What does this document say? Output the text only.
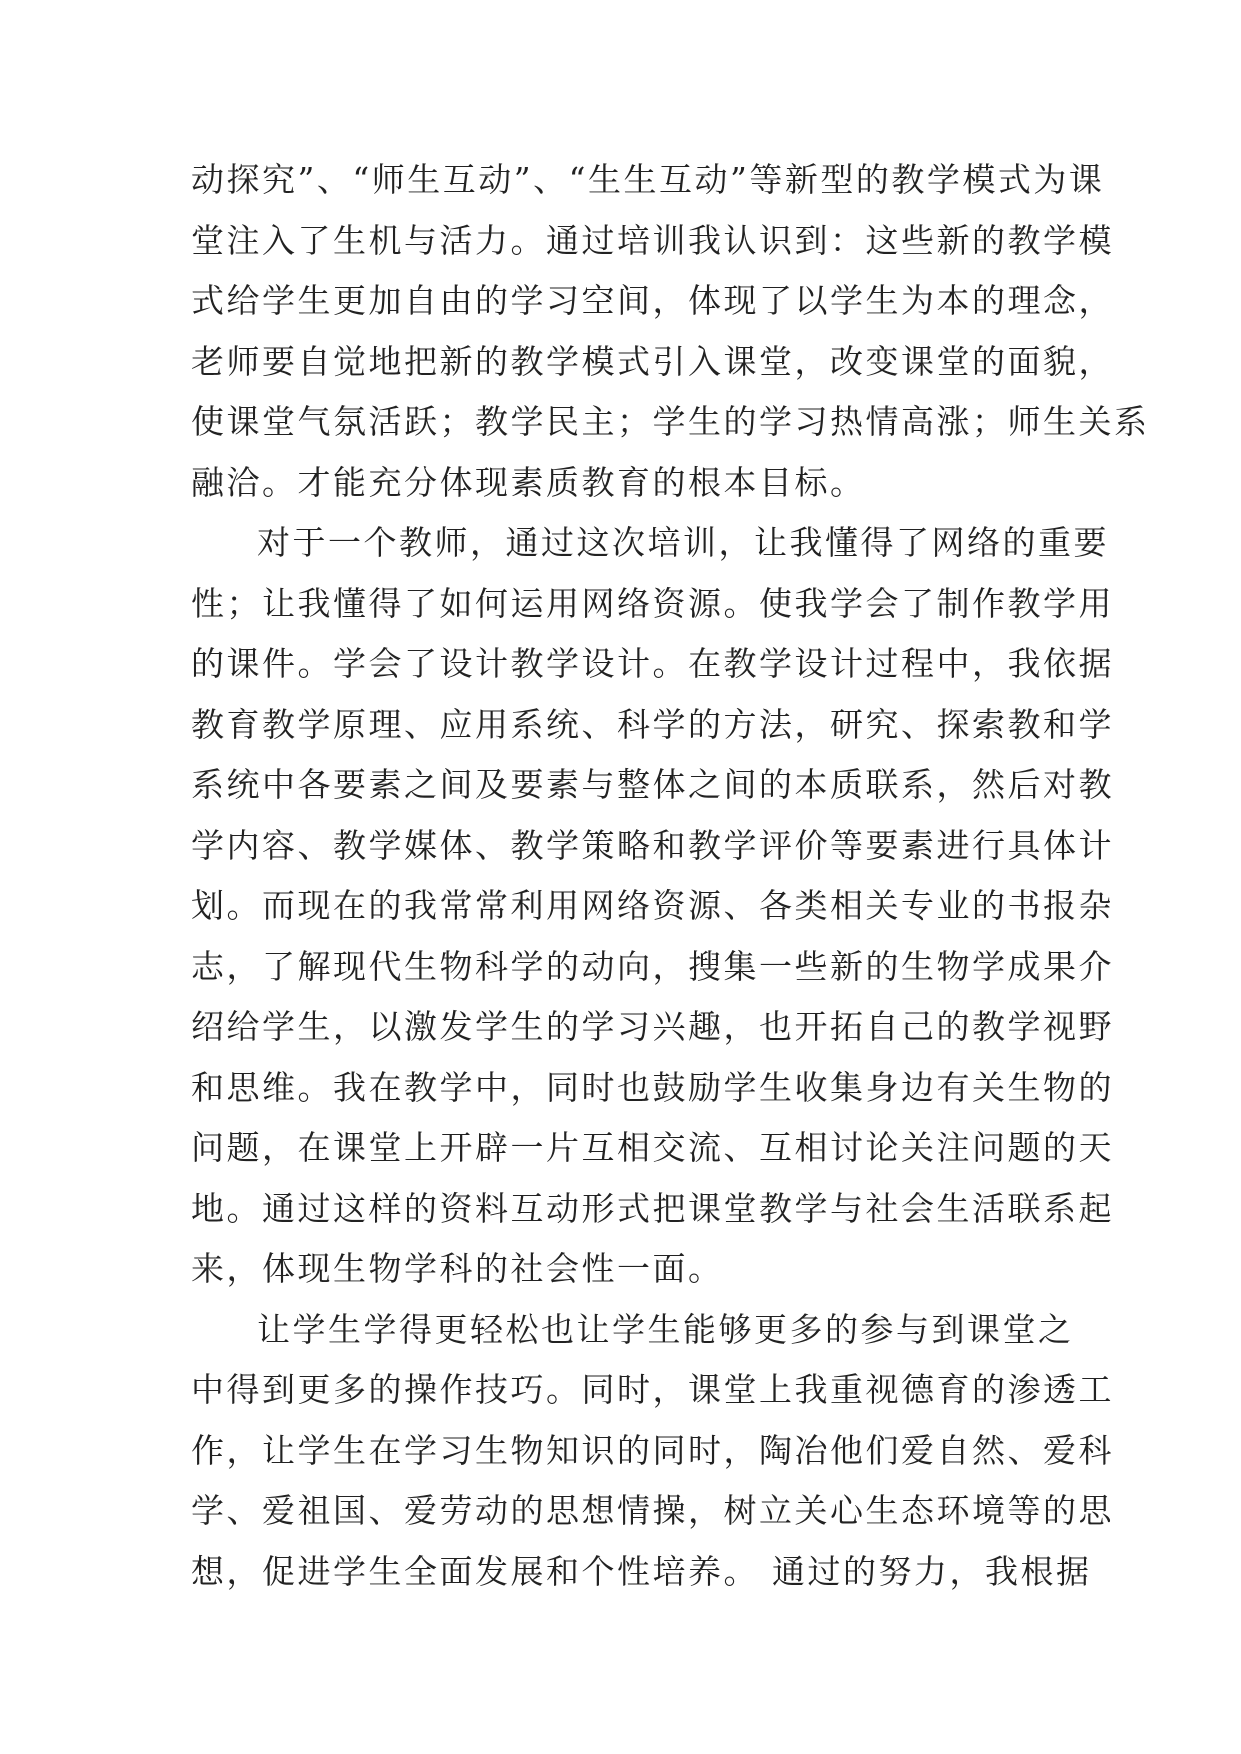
动探究”、“师生互动”、“生生互动”等新型的教学模式为课
堂注入了生机与活力。通过培训我认识到：这些新的教学模
式给学生更加自由的学习空间，体现了以学生为本的理念，
老师要自觉地把新的教学模式引入课堂，改变课堂的面貌，
使课堂气氛活跃；教学民主；学生的学习热情高涨；师生关系
融洽。才能充分体现素质教育的根本目标。
对于一个教师，通过这次培训，让我懂得了网络的重要
性；让我懂得了如何运用网络资源。使我学会了制作教学用
的课件。学会了设计教学设计。在教学设计过程中，我依据
教育教学原理、应用系统、科学的方法，研究、探索教和学
系统中各要素之间及要素与整体之间的本质联系，然后对教
学内容、教学媒体、教学策略和教学评价等要素进行具体计
划。而现在的我常常利用网络资源、各类相关专业的书报杂
志，了解现代生物科学的动向，搜集一些新的生物学成果介
绍给学生，以激发学生的学习兴趣，也开拓自己的教学视野
和思维。我在教学中，同时也鼓励学生收集身边有关生物的
问题，在课堂上开辟一片互相交流、互相讨论关注问题的天
地。通过这样的资料互动形式把课堂教学与社会生活联系起
来，体现生物学科的社会性一面。
让学生学得更轻松也让学生能够更多的参与到课堂之
中得到更多的操作技巧。同时，课堂上我重视德育的渗透工
作，让学生在学习生物知识的同时，陶冶他们爱自然、爱科
学、爱祖国、爱劳动的思想情操，树立关心生态环境等的思
想，促进学生全面发展和个性培养。 通过的努力，我根据
